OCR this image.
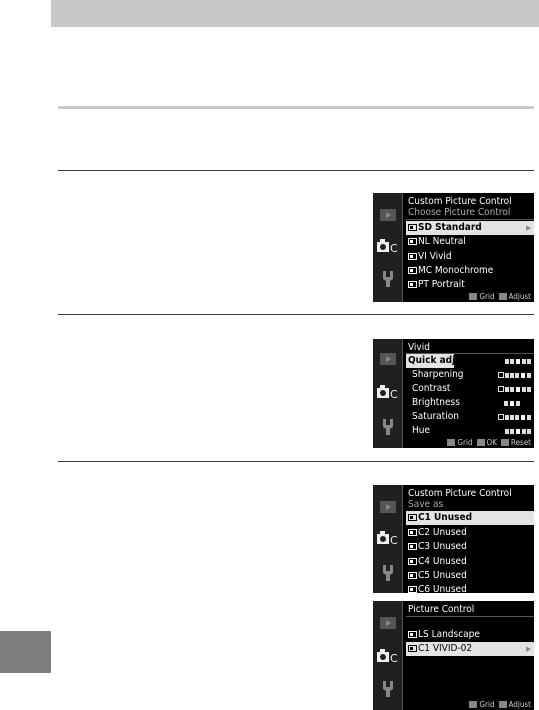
C
Custom Picture Control
Choose Picture Control
SD Standard	▶
NL Neutral
VI Vivid
MC Monochrome
PT Portrait
Grid Adjust
C
Vivid
Quick adjust
Sharpening
Contrast
Brightness
Saturation
Hue
Grid OK Reset
C
Custom Picture Control
Save as
C1 Unused
C2 Unused
C3 Unused
C4 Unused
C5 Unused
C6 Unused
C
Picture Control
LS Landscape
C1 VIVID-02	▶
Grid Adjust
